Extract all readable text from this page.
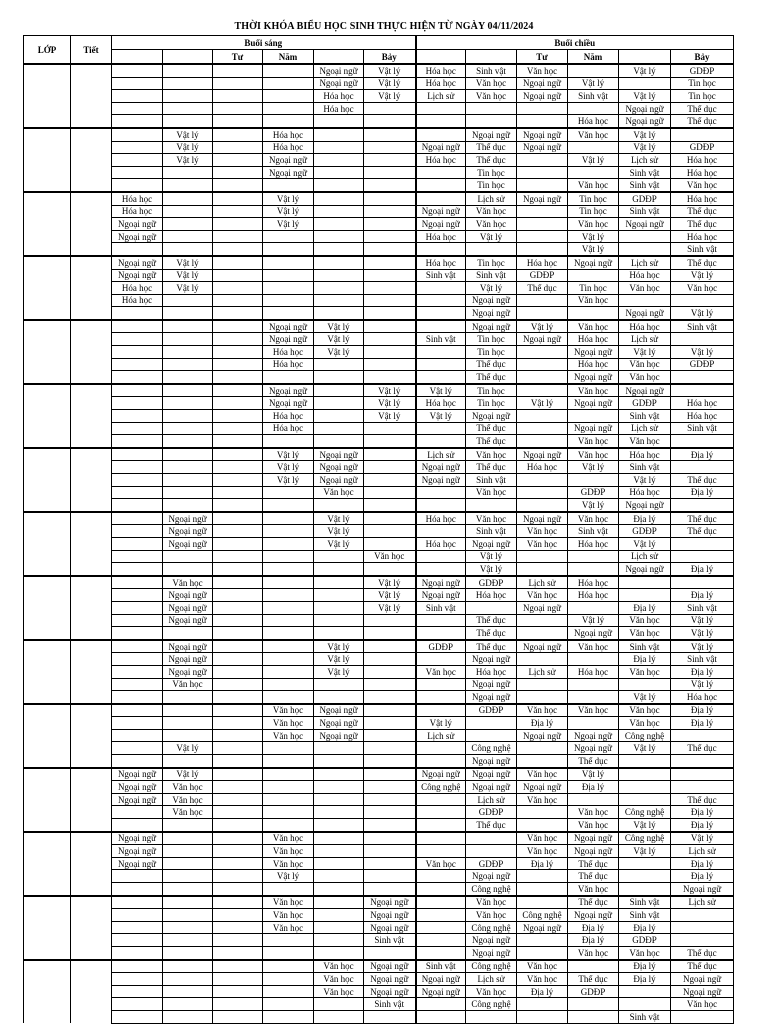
THỜI KHÓA BIỂU HỌC SINH THỰC HIỆN TỪ NGÀY 04/11/2024
LỚP	Tiết	Buổi sáng						Buổi chiều					
				Tư	Năm		Bảy			Tư	Năm		Bảy
						Ngoại ngữ	Vật lý	Hóa học	Sinh vật	Văn học		Vật lý	GDĐP
						Ngoại ngữ	Vật lý	Hóa học	Văn học	Ngoại ngữ	Vật lý		Tin học
						Hóa học	Vật lý	Lịch sử	Văn học	Ngoại ngữ	Sinh vật	Vật lý	Tin học
						Hóa học						Ngoại ngữ	Thể dục
											Hóa học	Ngoại ngữ	Thể dục
			Vật lý		Hóa học				Ngoại ngữ	Ngoại ngữ	Văn học	Vật lý	
			Vật lý		Hóa học			Ngoại ngữ	Thể dục	Ngoại ngữ		Vật lý	GDĐP
			Vật lý		Ngoại ngữ			Hóa học	Thể dục		Vật lý	Lịch sử	Hóa học
					Ngoại ngữ				Tin học			Sinh vật	Hóa học
									Tin học		Văn học	Sinh vật	Văn học
		Hóa học			Vật lý				Lịch sử	Ngoại ngữ	Tin học	GDĐP	Hóa học
		Hóa học			Vật lý			Ngoại ngữ	Văn học		Tin học	Sinh vật	Thể dục
		Ngoại ngữ			Vật lý			Ngoại ngữ	Văn học		Văn học	Ngoại ngữ	Thể dục
		Ngoại ngữ						Hóa học	Vật lý		Vật lý		Hóa học
											Vật lý		Sinh vật
		Ngoại ngữ	Vật lý					Hóa học	Tin học	Hóa học	Ngoại ngữ	Lịch sử	Thể dục
		Ngoại ngữ	Vật lý					Sinh vật	Sinh vật	GDĐP		Hóa học	Vật lý
		Hóa học	Vật lý						Vật lý	Thể dục	Tin học	Văn học	Văn học
		Hóa học							Ngoại ngữ		Văn học		
									Ngoại ngữ			Ngoại ngữ	Vật lý
					Ngoại ngữ	Vật lý			Ngoại ngữ	Vật lý	Văn học	Hóa học	Sinh vật
					Ngoại ngữ	Vật lý		Sinh vật	Tin học	Ngoại ngữ	Hóa học	Lịch sử	
					Hóa học	Vật lý			Tin học		Ngoại ngữ	Vật lý	Vật lý
					Hóa học				Thể dục		Hóa học	Văn học	GDĐP
									Thể dục		Ngoại ngữ	Văn học	
					Ngoại ngữ		Vật lý	Vật lý	Tin học		Văn học	Ngoại ngữ	
					Ngoại ngữ		Vật lý	Hóa học	Tin học	Vật lý	Ngoại ngữ	GDĐP	Hóa học
					Hóa học		Vật lý	Vật lý	Ngoại ngữ			Sinh vật	Hóa học
					Hóa học				Thể dục		Ngoại ngữ	Lịch sử	Sinh vật
									Thể dục		Văn học	Văn học	
					Vật lý	Ngoại ngữ		Lịch sử	Văn học	Ngoại ngữ	Văn học	Hóa học	Địa lý
					Vật lý	Ngoại ngữ		Ngoại ngữ	Thể dục	Hóa học	Vật lý	Sinh vật	
					Vật lý	Ngoại ngữ		Ngoại ngữ	Sinh vật			Vật lý	Thể dục
						Văn học			Văn học		GDĐP	Hóa học	Địa lý
											Vật lý	Ngoại ngữ	
			Ngoại ngữ			Vật lý		Hóa học	Văn học	Ngoại ngữ	Văn học	Địa lý	Thể dục
			Ngoại ngữ			Vật lý			Sinh vật	Văn học	Sinh vật	GDĐP	Thể dục
			Ngoại ngữ			Vật lý		Hóa học	Ngoại ngữ	Văn học	Hóa học	Vật lý	
							Văn học		Vật lý			Lịch sử	
									Vật lý			Ngoại ngữ	Địa lý
			Văn học				Vật lý	Ngoại ngữ	GDĐP	Lịch sử	Hóa học		
			Ngoại ngữ				Vật lý	Ngoại ngữ	Hóa học	Văn học	Hóa học		Địa lý
			Ngoại ngữ				Vật lý	Sinh vật		Ngoại ngữ		Địa lý	Sinh vật
			Ngoại ngữ						Thể dục		Vật lý	Văn học	Vật lý
									Thể dục		Ngoại ngữ	Văn học	Vật lý
			Ngoại ngữ			Vật lý		GDĐP	Thể dục	Ngoại ngữ	Văn học	Sinh vật	Vật lý
			Ngoại ngữ			Vật lý			Ngoại ngữ			Địa lý	Sinh vật
			Ngoại ngữ			Vật lý		Văn học	Hóa học	Lịch sử	Hóa học	Văn học	Địa lý
			Văn học						Ngoại ngữ				Vật lý
									Ngoại ngữ			Vật lý	Hóa học
					Văn học	Ngoại ngữ			GDĐP	Văn học	Văn học	Văn học	Địa lý
					Văn học	Ngoại ngữ		Vật lý		Địa lý		Văn học	Địa lý
					Văn học	Ngoại ngữ		Lịch sử		Ngoại ngữ	Ngoại ngữ	Công nghệ	
			Vật lý						Công nghệ		Ngoại ngữ	Vật lý	Thể dục
									Ngoại ngữ		Thể dục		
		Ngoại ngữ	Vật lý					Ngoại ngữ	Ngoại ngữ	Văn học	Vật lý		
		Ngoại ngữ	Văn học					Công nghệ	Ngoại ngữ	Ngoại ngữ	Địa lý		
		Ngoại ngữ	Văn học						Lịch sử	Văn học			Thể dục
			Văn học						GDĐP		Văn học	Công nghệ	Địa lý
									Thể dục		Văn học	Vật lý	Địa lý
		Ngoại ngữ			Văn học					Văn học	Ngoại ngữ	Công nghệ	Vật lý
		Ngoại ngữ			Văn học					Văn học	Ngoại ngữ	Vật lý	Lịch sử
		Ngoại ngữ			Văn học			Văn học	GDĐP	Địa lý	Thể dục		Địa lý
					Vật lý				Ngoại ngữ		Thể dục		Địa lý
									Công nghệ		Văn học		Ngoại ngữ
					Văn học		Ngoại ngữ		Văn học		Thể dục	Sinh vật	Lịch sử
					Văn học		Ngoại ngữ		Văn học	Công nghệ	Ngoại ngữ	Sinh vật	
					Văn học		Ngoại ngữ		Công nghệ	Ngoại ngữ	Địa lý	Địa lý	
							Sinh vật		Ngoại ngữ		Địa lý	GDĐP	
									Ngoại ngữ		Văn học	Văn học	Thể dục
						Văn học	Ngoại ngữ	Sinh vật	Công nghệ	Văn học		Địa lý	Thể dục
						Văn học	Ngoại ngữ	Ngoại ngữ	Lịch sử	Văn học	Thể dục	Địa lý	Ngoại ngữ
						Văn học	Ngoại ngữ	Ngoại ngữ	Văn học	Địa lý	GDĐP		Ngoại ngữ
							Sinh vật		Công nghệ				Văn học
												Sinh vật	
